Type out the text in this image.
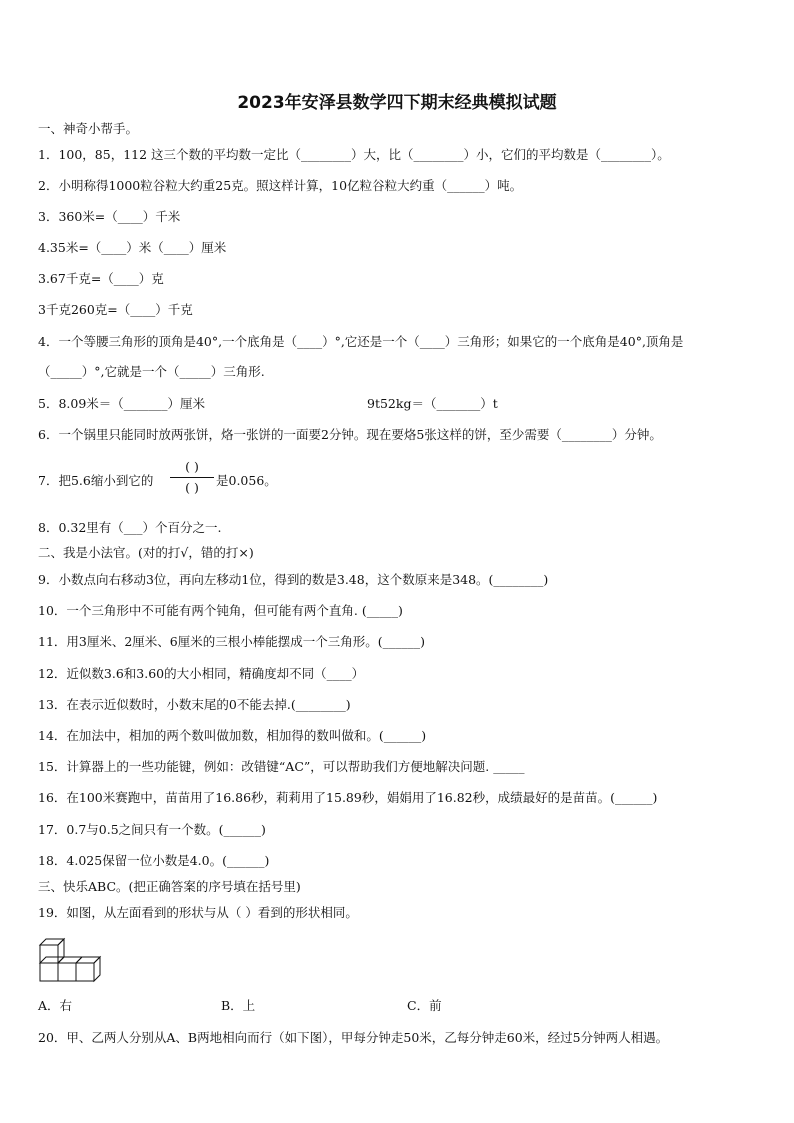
2023年安泽县数学四下期末经典模拟试题
一、神奇小帮手。
1．100，85，112 这三个数的平均数一定比（________）大，比（________）小，它们的平均数是（________）。
2．小明称得1000粒谷粒大约重25克。照这样计算，10亿粒谷粒大约重（______）吨。
3．360米=（____）千米
4.35米=（____）米（____）厘米
3.67千克=（____）克
3千克260克=（____）千克
4．一个等腰三角形的顶角是40°,一个底角是（____）°,它还是一个（____）三角形；如果它的一个底角是40°,顶角是
（_____）°,它就是一个（_____）三角形.
5．8.09米＝（_______）厘米	9t52kg＝（_______）t
6．一个锅里只能同时放两张饼，烙一张饼的一面要2分钟。现在要烙5张这样的饼，至少需要（________）分钟。
7．把5.6缩小到它的
( )
( )	是0.056。
8．0.32里有（___）个百分之一.
二、我是小法官。(对的打√，错的打×)
9．小数点向右移动3位，再向左移动1位，得到的数是3.48，这个数原来是348。(________)
10．一个三角形中不可能有两个钝角，但可能有两个直角. (_____)
11．用3厘米、2厘米、6厘米的三根小棒能摆成一个三角形。(______)
12．近似数3.6和3.60的大小相同，精确度却不同（____）
13．在表示近似数时，小数末尾的0不能去掉.(________)
14．在加法中，相加的两个数叫做加数，相加得的数叫做和。(______)
15．计算器上的一些功能键，例如：改错键“AC”，可以帮助我们方便地解决问题. _____
16．在100米赛跑中，苗苗用了16.86秒，莉莉用了15.89秒，娟娟用了16.82秒，成绩最好的是苗苗。(______)
17．0.7与0.5之间只有一个数。(______)
18．4.025保留一位小数是4.0。(______)
三、快乐ABC。(把正确答案的序号填在括号里)
19．如图，从左面看到的形状与从（ ）看到的形状相同。
A．右	B．上	C．前
20．甲、乙两人分别从A、B两地相向而行（如下图），甲每分钟走50米，乙每分钟走60米，经过5分钟两人相遇。
